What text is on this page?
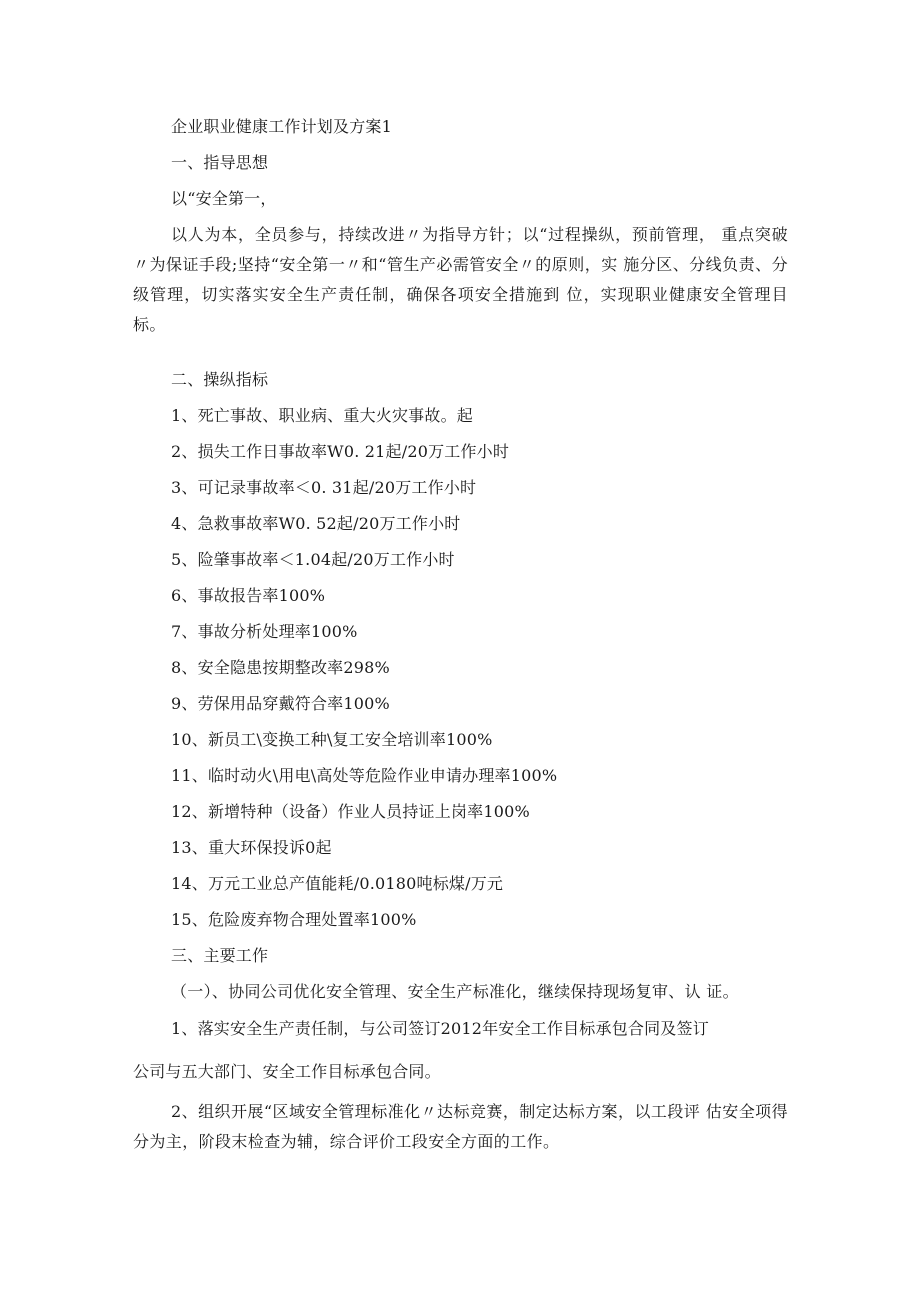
企业职业健康工作计划及方案1
一、指导思想
以“安全第一，
以人为本，全员参与，持续改进〃为指导方针；以“过程操纵，预前管理， 重点突破〃为保证手段;坚持“安全第一〃和“管生产必需管安全〃的原则，实 施分区、分线负责、分级管理，切实落实安全生产责任制，确保各项安全措施到 位，实现职业健康安全管理目标。
二、操纵指标
1、死亡事故、职业病、重大火灾事故。起
2、损失工作日事故率W0. 21起/20万工作小时
3、可记录事故率＜0. 31起/20万工作小时
4、急救事故率W0. 52起/20万工作小时
5、险肇事故率＜1.04起/20万工作小时
6、事故报告率100%
7、事故分析处理率100%
8、安全隐患按期整改率298%
9、劳保用品穿戴符合率100%
10、新员工\变换工种\复工安全培训率100%
11、临时动火\用电\高处等危险作业申请办理率100%
12、新增特种（设备）作业人员持证上岗率100%
13、重大环保投诉0起
14、万元工业总产值能耗/0.0180吨标煤/万元
15、危险废弃物合理处置率100%
三、主要工作
（一）、协同公司优化安全管理、安全生产标准化，继续保持现场复审、认 证。
1、落实安全生产责任制，与公司签订2012年安全工作目标承包合同及签订
公司与五大部门、安全工作目标承包合同。
2、组织开展“区域安全管理标准化〃达标竞赛，制定达标方案，以工段评 估安全项得分为主，阶段末检查为辅，综合评价工段安全方面的工作。
